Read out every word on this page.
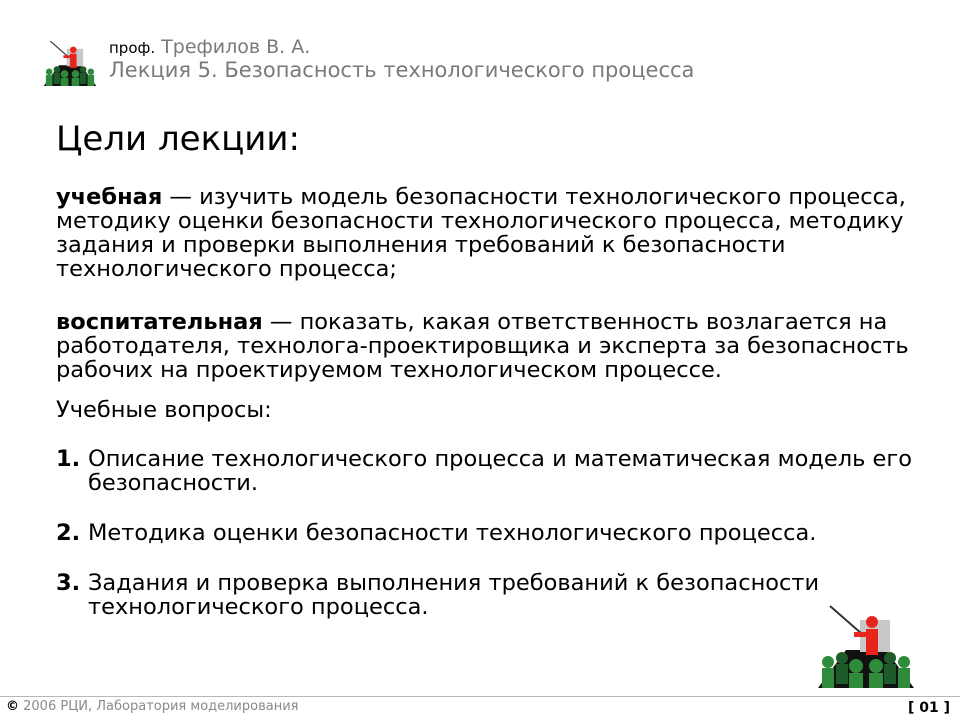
проф. Трефилов В. А.
Лекция 5. Безопасность технологического процесса
Цели лекции:

учебная — изучить модель безопасности технологического процесса, методику оценки безопасности технологического процесса, методику задания и проверки выполнения требований к безопасности технологического процесса;

воспитательная — показать, какая ответственность возлагается на работодателя, технолога-проектировщика и эксперта за безопасность рабочих на проектируемом технологическом процессе.

Учебные вопросы:

1. Описание технологического процесса и математическая модель его безопасности.
2. Методика оценки безопасности технологического процесса.
3. Задания и проверка выполнения требований к безопасности технологического процесса.
© 2006 РЦИ, Лаборатория моделирования	[ 01 ]
